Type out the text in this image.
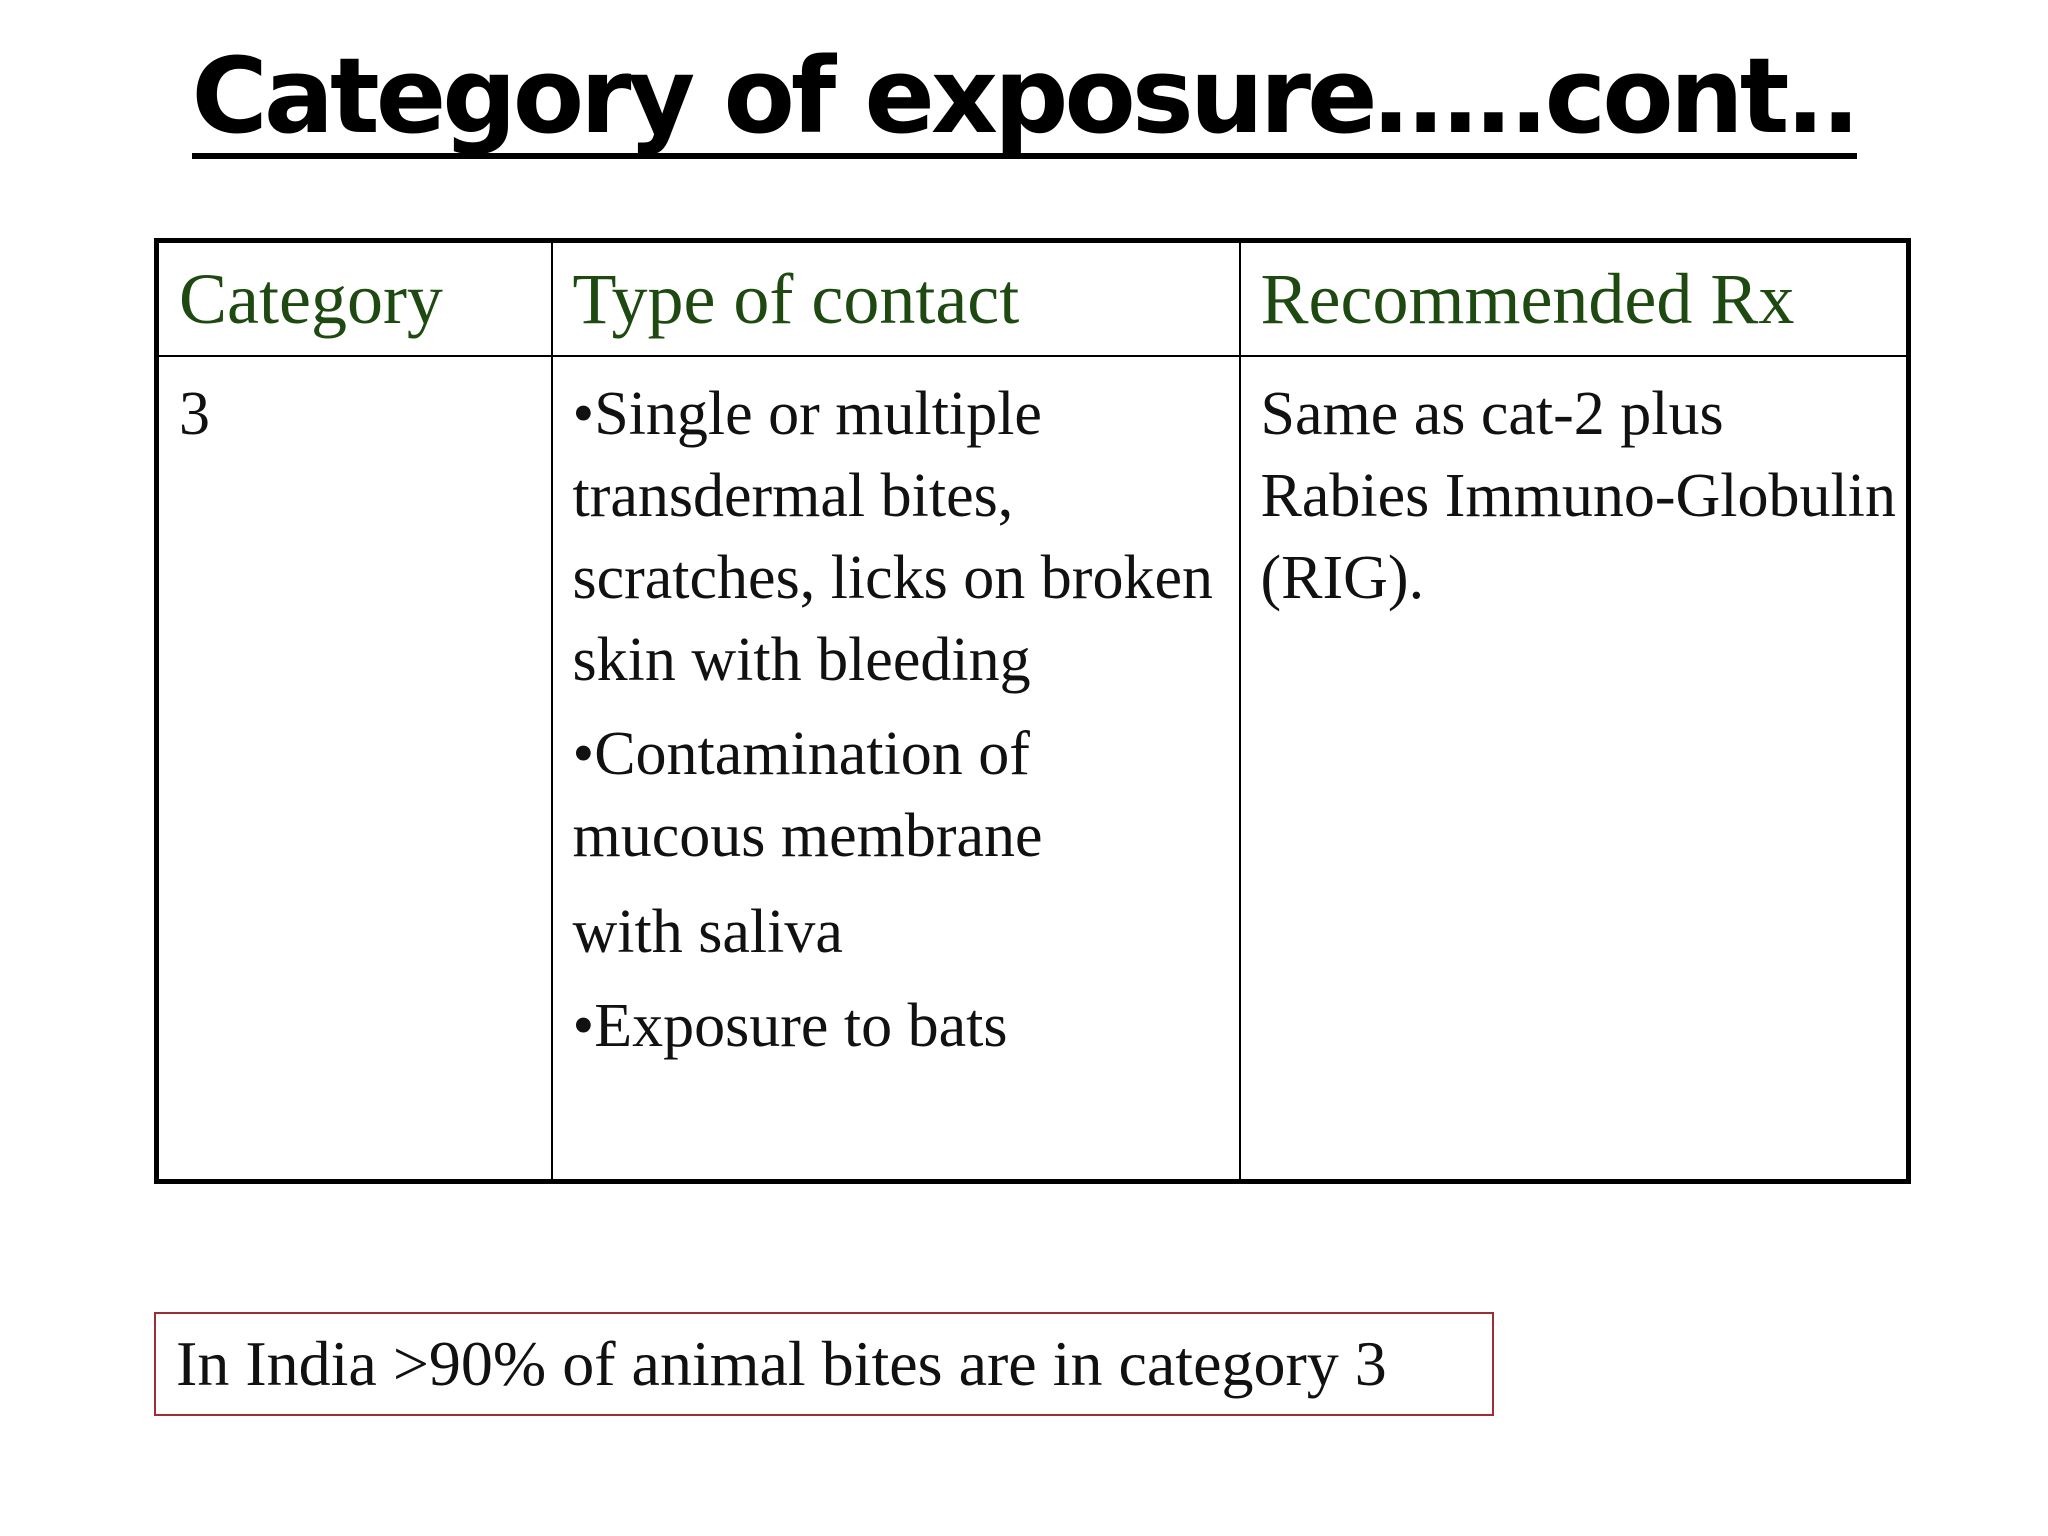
Category of exposure…..cont..
Category	Type of contact	Recommended Rx
3	•Single or multiple transdermal bites, scratches, licks on broken skin with bleeding
•Contamination of mucous membrane
with saliva
•Exposure to bats	Same as cat-2 plus Rabies Immuno-Globulin (RIG).
In India >90% of animal bites are in category 3
